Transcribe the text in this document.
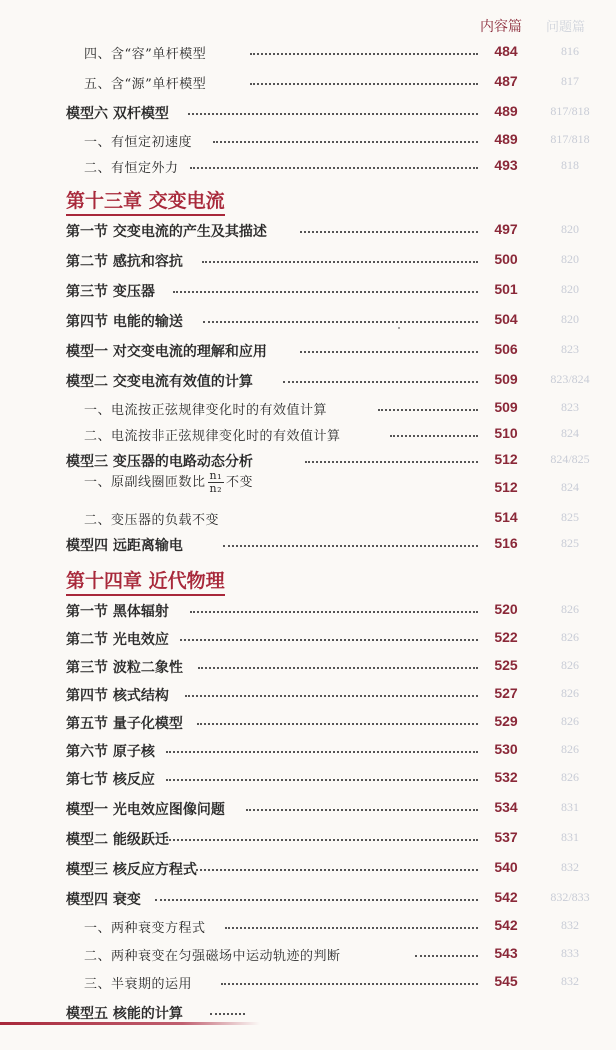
内容篇 问题篇
四、含“容”单杆模型	484	816
五、含“源”单杆模型	487	817
模型六 双杆模型	489	817/818
一、有恒定初速度	489	817/818
二、有恒定外力	493	818
第十三章 交变电流
第一节 交变电流的产生及其描述	497	820
第二节 感抗和容抗	500	820
第三节 变压器	501	820
第四节 电能的输送	504	820
模型一 对交变电流的理解和应用	506	823
模型二 交变电流有效值的计算	509	823/824
一、电流按正弦规律变化时的有效值计算	509	823
二、电流按非正弦规律变化时的有效值计算	510	824
模型三 变压器的电路动态分析	512	824/825
一、原副线圈匝数比 $\frac{\text{n₁}}{\text{n₂}}$ 不变	512	824
二、变压器的负载不变	514	825
模型四 远距离输电	516	825
第十四章 近代物理
第一节 黑体辐射	520	826
第二节 光电效应	522	826
第三节 波粒二象性	525	826
第四节 核式结构	527	826
第五节 量子化模型	529	826
第六节 原子核	530	826
第七节 核反应	532	826
模型一 光电效应图像问题	534	831
模型二 能级跃迁	537	831
模型三 核反应方程式	540	832
模型四 衰变	542	832/833
一、两种衰变方程式	542	832
二、两种衰变在匀强磁场中运动轨迹的判断	543	833
三、半衰期的运用	545	832
模型五 核能的计算
